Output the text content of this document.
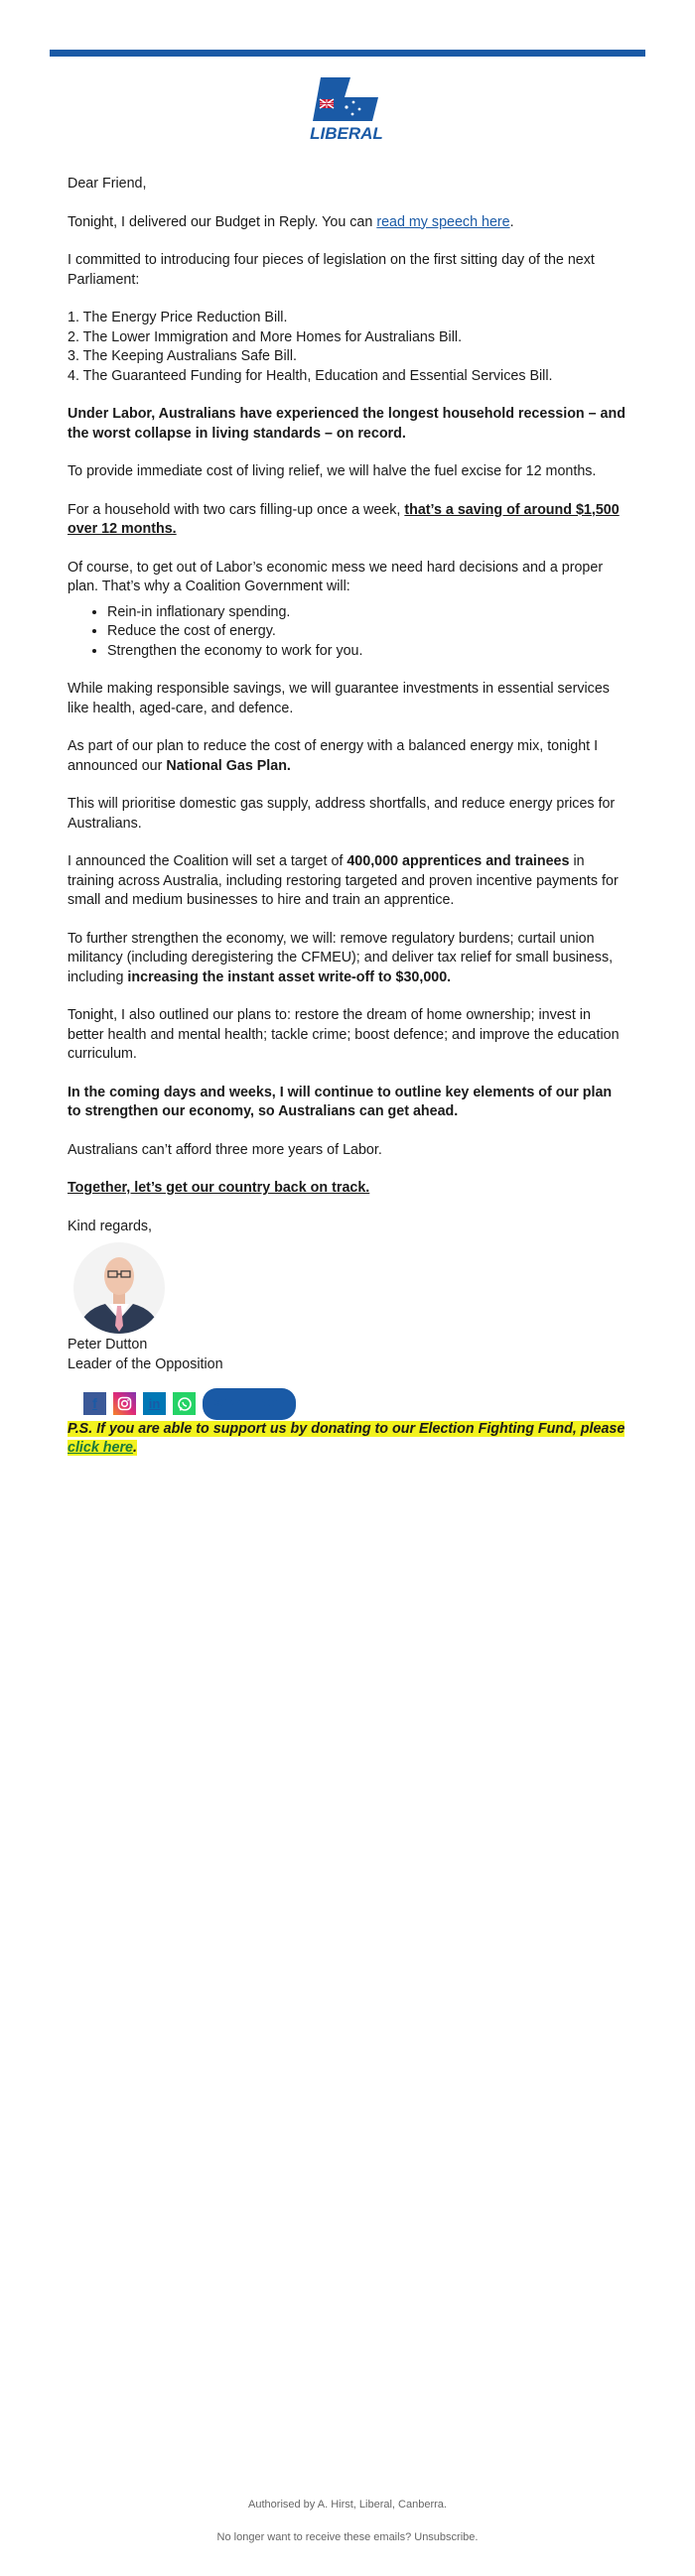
LIBERAL

Dear Friend,

Tonight, I delivered our Budget in Reply. You can read my speech here.

I committed to introducing four pieces of legislation on the first sitting day of the next Parliament:

1. The Energy Price Reduction Bill.
2. The Lower Immigration and More Homes for Australians Bill.
3. The Keeping Australians Safe Bill.
4. The Guaranteed Funding for Health, Education and Essential Services Bill.

Under Labor, Australians have experienced the longest household recession – and the worst collapse in living standards – on record.

To provide immediate cost of living relief, we will halve the fuel excise for 12 months.

For a household with two cars filling-up once a week, that’s a saving of around $1,500 over 12 months.

Of course, to get out of Labor’s economic mess we need hard decisions and a proper plan. That’s why a Coalition Government will:

• Rein-in inflationary spending.
• Reduce the cost of energy.
• Strengthen the economy to work for you.

While making responsible savings, we will guarantee investments in essential services like health, aged-care, and defence.

As part of our plan to reduce the cost of energy with a balanced energy mix, tonight I announced our National Gas Plan.

This will prioritise domestic gas supply, address shortfalls, and reduce energy prices for Australians.

I announced the Coalition will set a target of 400,000 apprentices and trainees in training across Australia, including restoring targeted and proven incentive payments for small and medium businesses to hire and train an apprentice.

To further strengthen the economy, we will: remove regulatory burdens; curtail union militancy (including deregistering the CFMEU); and deliver tax relief for small business, including increasing the instant asset write-off to $30,000.

Tonight, I also outlined our plans to: restore the dream of home ownership; invest in better health and mental health; tackle crime; boost defence; and improve the education curriculum.

In the coming days and weeks, I will continue to outline key elements of our plan to strengthen our economy, so Australians can get ahead.

Australians can’t afford three more years of Labor.

Together, let’s get our country back on track.

Kind regards,

Peter Dutton
Leader of the Opposition
f	in	DONATE NOW

P.S. If you are able to support us by donating to our Election Fighting Fund, please click here.

Authorised by A. Hirst, Liberal, Canberra.
No longer want to receive these emails? Unsubscribe.
